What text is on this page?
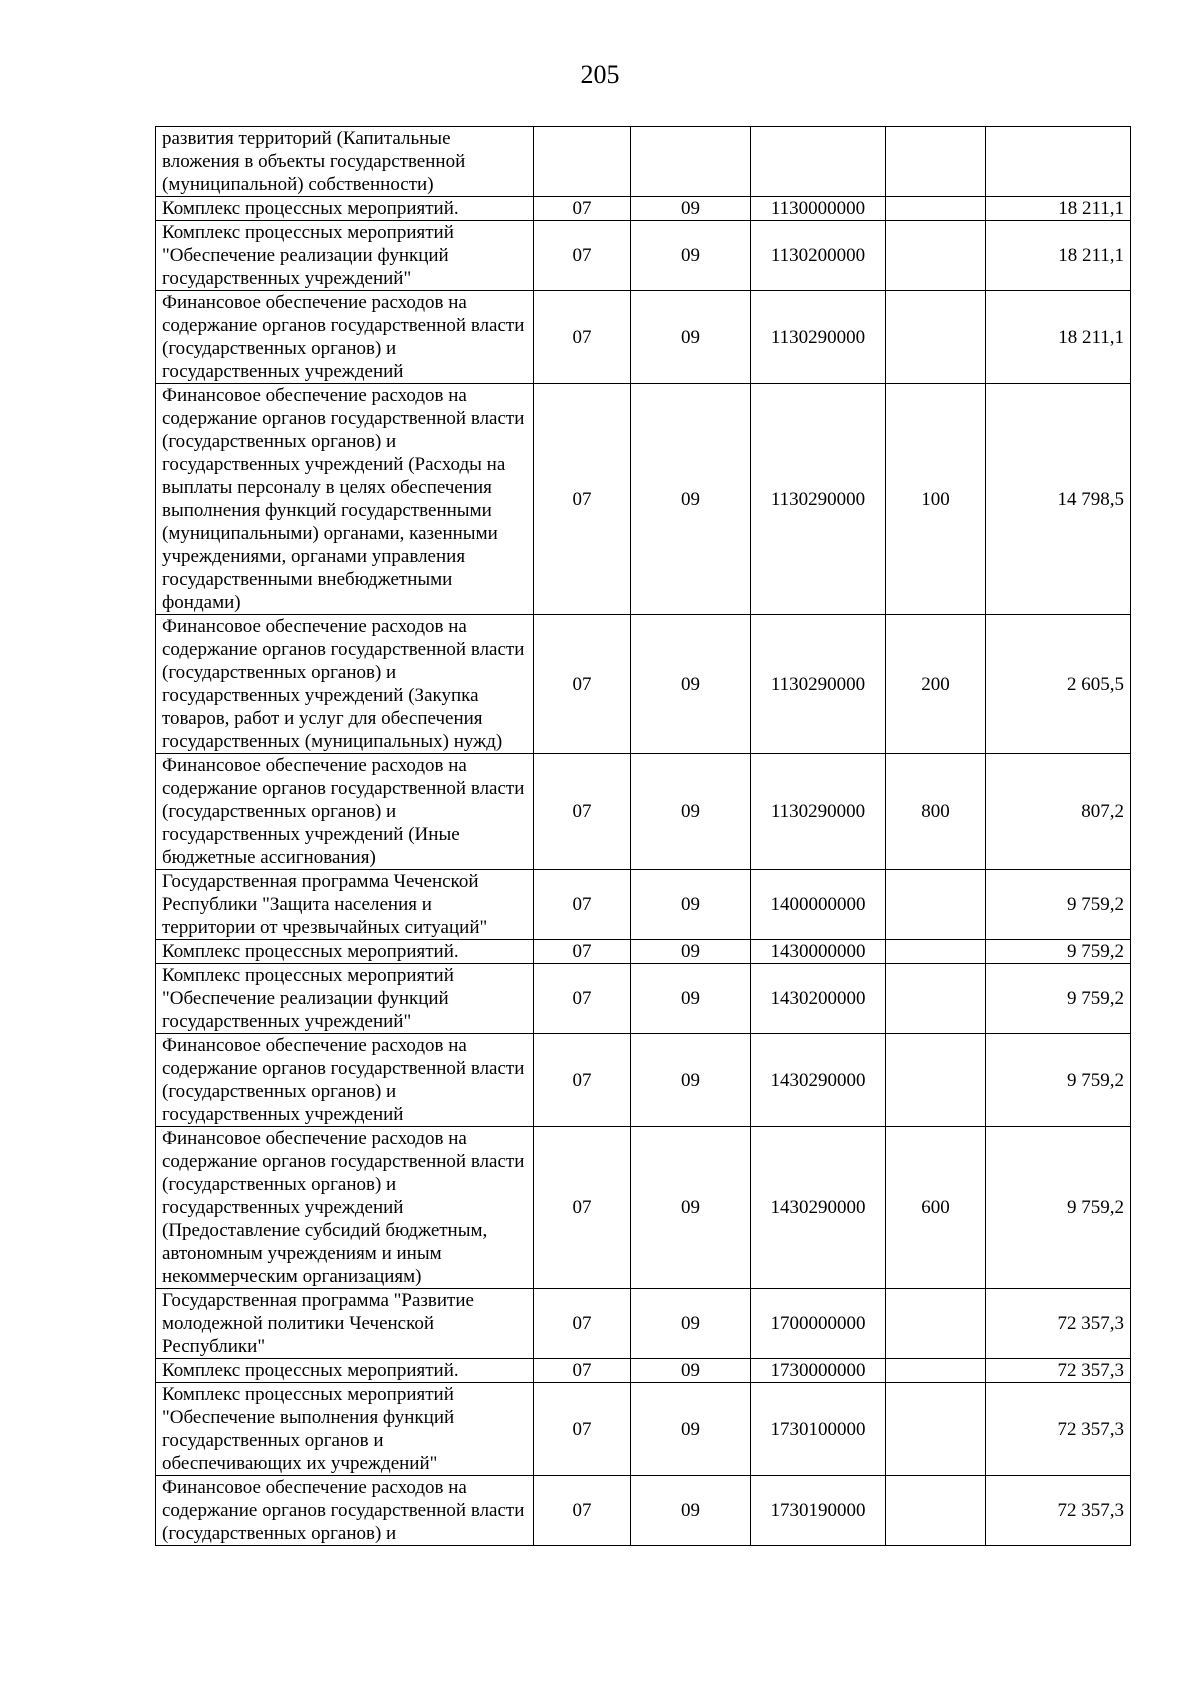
205
развития территорий (Капитальные вложения в объекты государственной (муниципальной) собственности)					
Комплекс процессных мероприятий.	07	09	1130000000		18 211,1
Комплекс процессных мероприятий "Обеспечение реализации функций государственных учреждений"	07	09	1130200000		18 211,1
Финансовое обеспечение расходов на содержание органов государственной власти (государственных органов) и государственных учреждений	07	09	1130290000		18 211,1
Финансовое обеспечение расходов на содержание органов государственной власти (государственных органов) и государственных учреждений (Расходы на выплаты персоналу в целях обеспечения выполнения функций государственными (муниципальными) органами, казенными учреждениями, органами управления государственными внебюджетными фондами)	07	09	1130290000	100	14 798,5
Финансовое обеспечение расходов на содержание органов государственной власти (государственных органов) и государственных учреждений (Закупка товаров, работ и услуг для обеспечения государственных (муниципальных) нужд)	07	09	1130290000	200	2 605,5
Финансовое обеспечение расходов на содержание органов государственной власти (государственных органов) и государственных учреждений (Иные бюджетные ассигнования)	07	09	1130290000	800	807,2
Государственная программа Чеченской Республики "Защита населения и территории от чрезвычайных ситуаций"	07	09	1400000000		9 759,2
Комплекс процессных мероприятий.	07	09	1430000000		9 759,2
Комплекс процессных мероприятий "Обеспечение реализации функций государственных учреждений"	07	09	1430200000		9 759,2
Финансовое обеспечение расходов на содержание органов государственной власти (государственных органов) и государственных учреждений	07	09	1430290000		9 759,2
Финансовое обеспечение расходов на содержание органов государственной власти (государственных органов) и государственных учреждений (Предоставление субсидий бюджетным, автономным учреждениям и иным некоммерческим организациям)	07	09	1430290000	600	9 759,2
Государственная программа "Развитие молодежной политики Чеченской Республики"	07	09	1700000000		72 357,3
Комплекс процессных мероприятий.	07	09	1730000000		72 357,3
Комплекс процессных мероприятий "Обеспечение выполнения функций государственных органов и обеспечивающих их учреждений"	07	09	1730100000		72 357,3
Финансовое обеспечение расходов на содержание органов государственной власти (государственных органов) и	07	09	1730190000		72 357,3
